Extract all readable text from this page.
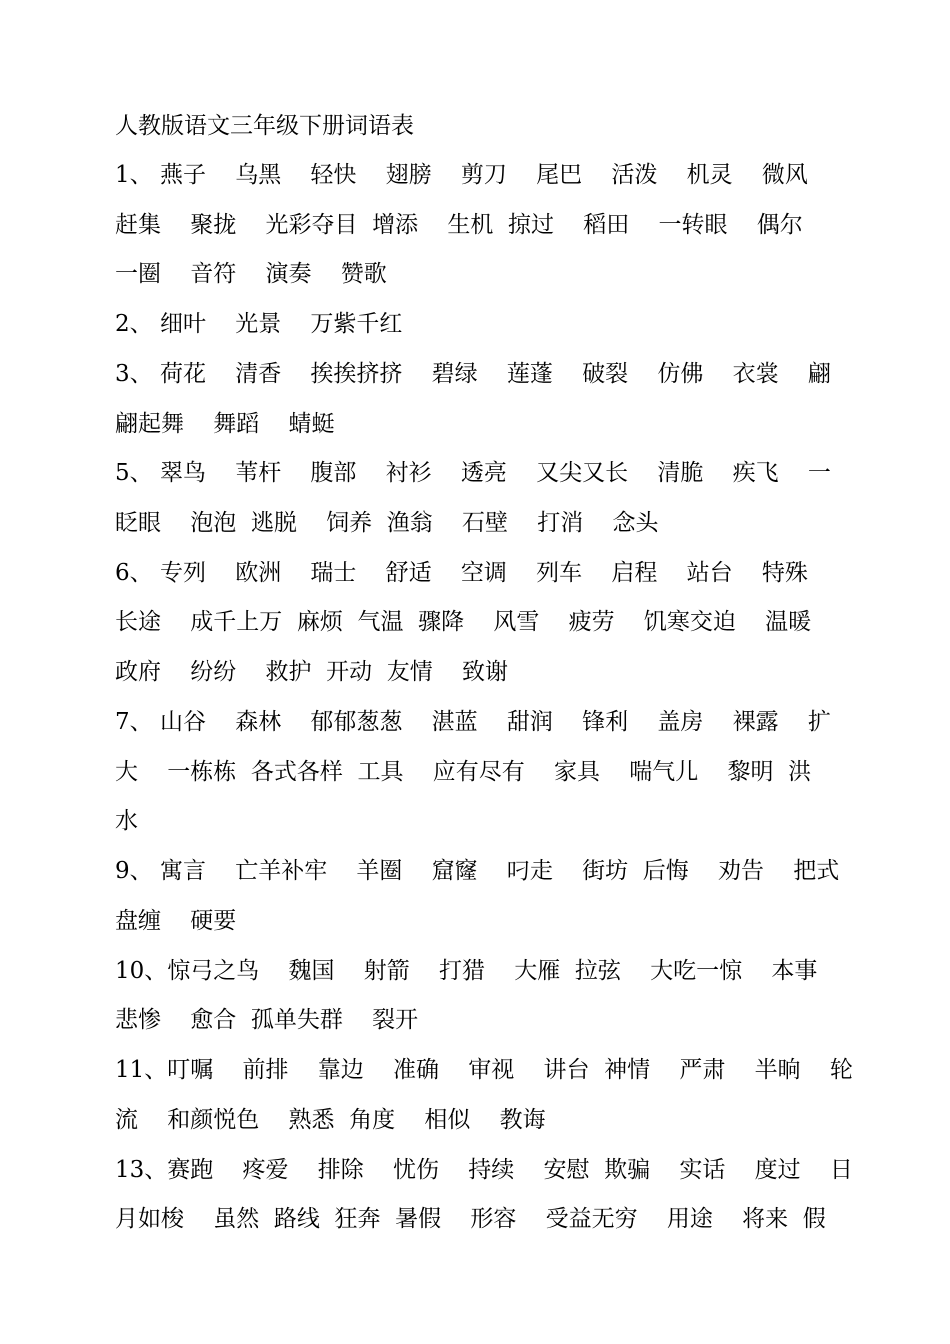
人教版语文三年级下册词语表
1、 燕子    乌黑    轻快    翅膀    剪刀    尾巴    活泼    机灵    微风
赶集    聚拢    光彩夺目  增添    生机  掠过    稻田    一转眼    偶尔
一圈    音符    演奏    赞歌
2、 细叶    光景    万紫千红
3、 荷花    清香    挨挨挤挤    碧绿    莲蓬    破裂    仿佛    衣裳    翩
翩起舞    舞蹈    蜻蜓
5、 翠鸟    苇杆    腹部    衬衫    透亮    又尖又长    清脆    疾飞    一
眨眼    泡泡  逃脱    饲养  渔翁    石壁    打消    念头
6、 专列    欧洲    瑞士    舒适    空调    列车    启程    站台    特殊
长途    成千上万  麻烦  气温  骤降    风雪    疲劳    饥寒交迫    温暖
政府    纷纷    救护  开动  友情    致谢
7、 山谷    森林    郁郁葱葱    湛蓝    甜润    锋利    盖房    裸露    扩
大    一栋栋  各式各样  工具    应有尽有    家具    喘气儿    黎明  洪
水
9、 寓言    亡羊补牢    羊圈    窟窿    叼走    街坊  后悔    劝告    把式
盘缠    硬要
10、惊弓之鸟    魏国    射箭    打猎    大雁  拉弦    大吃一惊    本事
悲惨    愈合  孤单失群    裂开
11、叮嘱    前排    靠边    准确    审视    讲台  神情    严肃    半晌    轮
流    和颜悦色    熟悉  角度    相似    教诲
13、赛跑    疼爱    排除    忧伤    持续    安慰  欺骗    实话    度过    日
月如梭    虽然  路线  狂奔  暑假    形容    受益无穷    用途    将来  假
